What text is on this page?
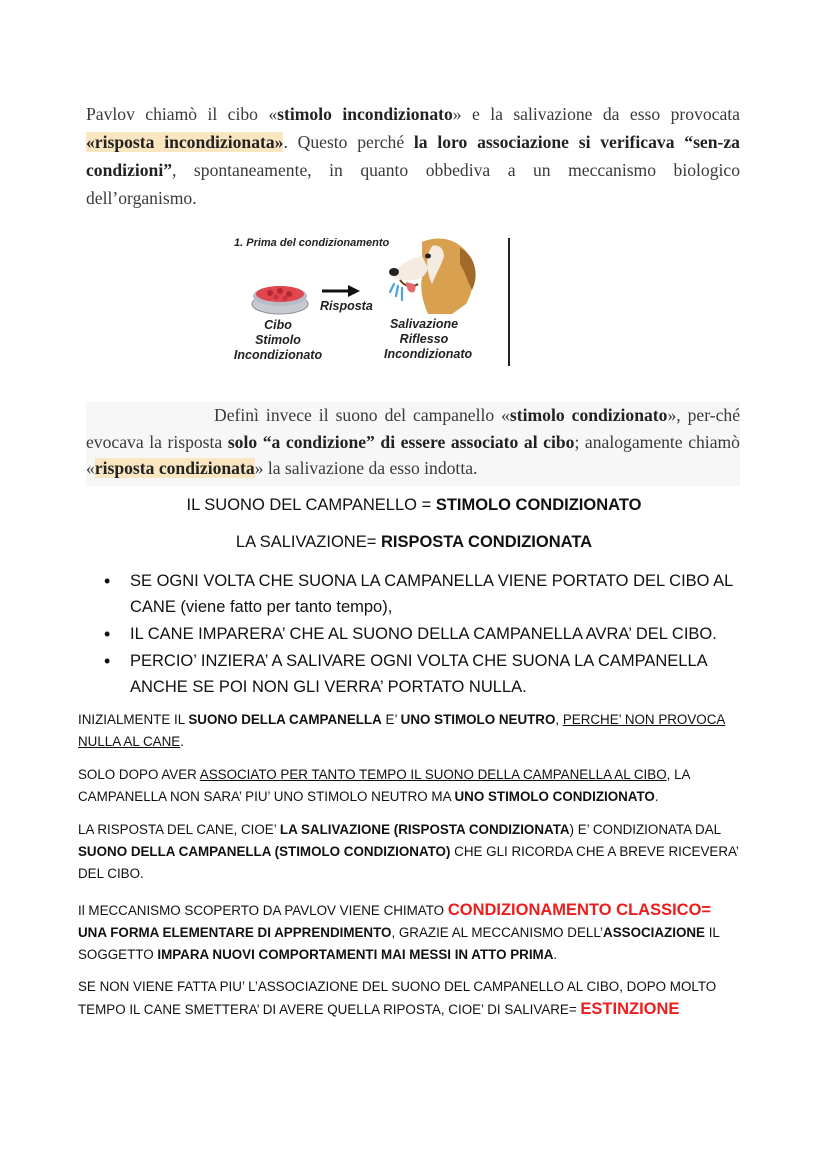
Pavlov chiamò il cibo «stimolo incondizionato» e la salivazione da esso provocata «risposta incondizionata». Questo perché la loro associazione si verificava “sen-za condizioni”, spontaneamente, in quanto obbediva a un meccanismo biologico dell’organismo.

1. Prima del condizionamento
Risposta
Cibo
Stimolo
Incondizionato
Salivazione
Riflesso
Incondizionato

Definì invece il suono del campanello «stimolo condizionato», per-ché evocava la risposta solo “a condizione” di essere associato al cibo; analogamente chiamò «risposta condizionata» la salivazione da esso indotta.

IL SUONO DEL CAMPANELLO = STIMOLO CONDIZIONATO
LA SALIVAZIONE= RISPOSTA CONDIZIONATA
• SE OGNI VOLTA CHE SUONA LA CAMPANELLA VIENE PORTATO DEL CIBO AL CANE (viene fatto per tanto tempo),
• IL CANE IMPARERA’ CHE AL SUONO DELLA CAMPANELLA AVRA’ DEL CIBO.
• PERCIO’ INZIERA’ A SALIVARE OGNI VOLTA CHE SUONA LA CAMPANELLA ANCHE SE POI NON GLI VERRA’ PORTATO NULLA.

INIZIALMENTE IL SUONO DELLA CAMPANELLA E’ UNO STIMOLO NEUTRO, PERCHE’ NON PROVOCA NULLA AL CANE.

SOLO DOPO AVER ASSOCIATO PER TANTO TEMPO IL SUONO DELLA CAMPANELLA AL CIBO, LA CAMPANELLA NON SARA’ PIU’ UNO STIMOLO NEUTRO MA UNO STIMOLO CONDIZIONATO.

LA RISPOSTA DEL CANE, CIOE’ LA SALIVAZIONE (RISPOSTA CONDIZIONATA) E’ CONDIZIONATA DAL SUONO DELLA CAMPANELLA (STIMOLO CONDIZIONATO) CHE GLI RICORDA CHE A BREVE RICEVERA’ DEL CIBO.

Il MECCANISMO SCOPERTO DA PAVLOV VIENE CHIMATO CONDIZIONAMENTO CLASSICO=
UNA FORMA ELEMENTARE DI APPRENDIMENTO, GRAZIE AL MECCANISMO DELL’ASSOCIAZIONE IL SOGGETTO IMPARA NUOVI COMPORTAMENTI MAI MESSI IN ATTO PRIMA.

SE NON VIENE FATTA PIU’ L’ASSOCIAZIONE DEL SUONO DEL CAMPANELLO AL CIBO, DOPO MOLTO TEMPO IL CANE SMETTERA’ DI AVERE QUELLA RIPOSTA, CIOE’ DI SALIVARE= ESTINZIONE
